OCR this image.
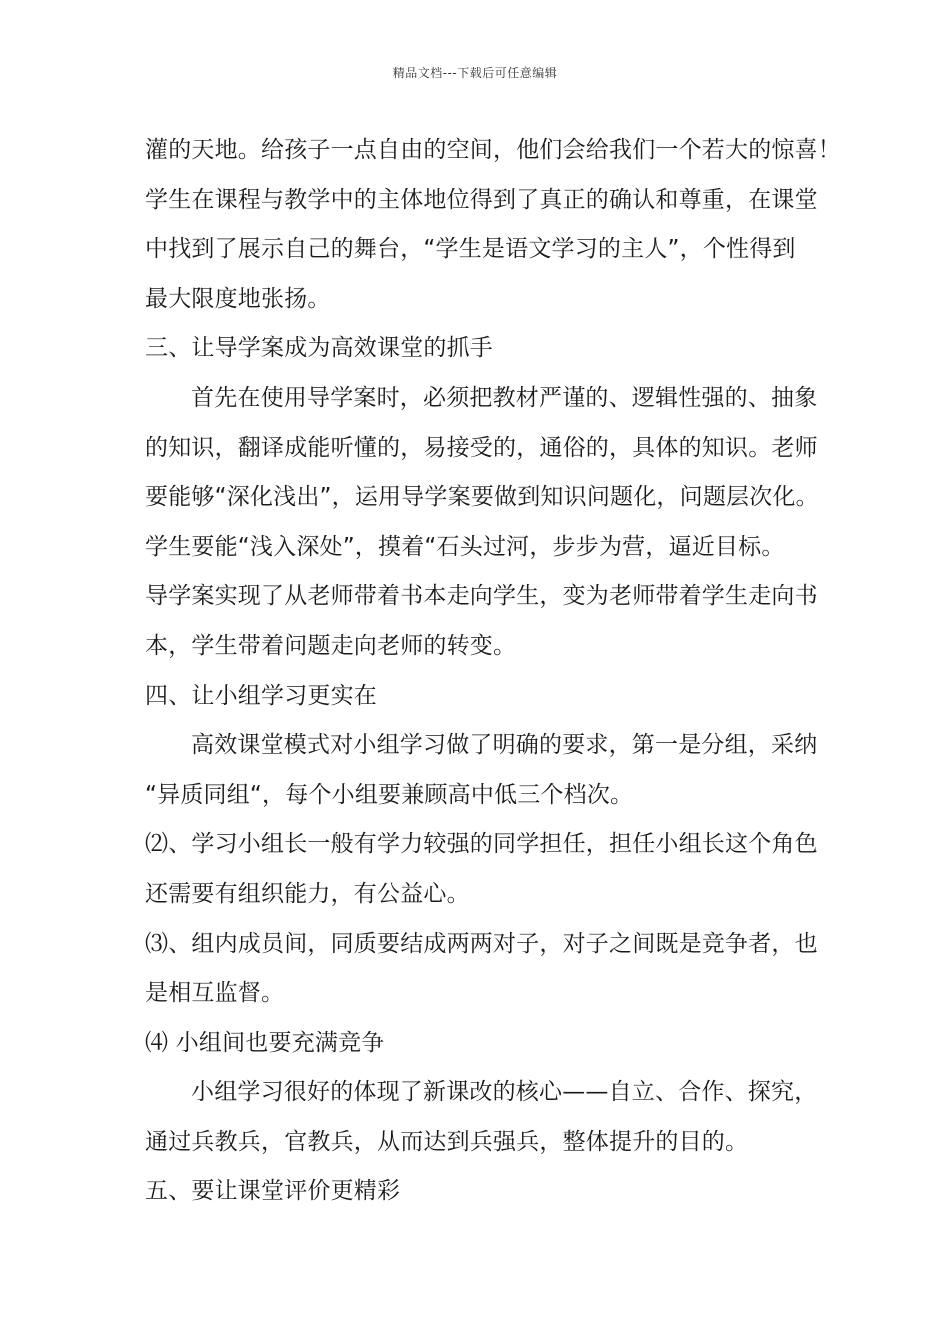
精品文档---下载后可任意编辑
灌的天地。给孩子一点自由的空间，他们会给我们一个若大的惊喜！
学生在课程与教学中的主体地位得到了真正的确认和尊重，在课堂
中找到了展示自己的舞台，“学生是语文学习的主人”，个性得到
最大限度地张扬。
三、让导学案成为高效课堂的抓手
首先在使用导学案时，必须把教材严谨的、逻辑性强的、抽象
的知识，翻译成能听懂的，易接受的，通俗的，具体的知识。老师
要能够“深化浅出”，运用导学案要做到知识问题化，问题层次化。
学生要能“浅入深处”，摸着“石头过河，步步为营，逼近目标。
导学案实现了从老师带着书本走向学生，变为老师带着学生走向书
本，学生带着问题走向老师的转变。
四、让小组学习更实在
高效课堂模式对小组学习做了明确的要求，第一是分组，采纳
“异质同组“，每个小组要兼顾高中低三个档次。
⑵、学习小组长一般有学力较强的同学担任，担任小组长这个角色
还需要有组织能力，有公益心。
⑶、组内成员间，同质要结成两两对子，对子之间既是竞争者，也
是相互监督。
⑷ 小组间也要充满竞争
小组学习很好的体现了新课改的核心——自立、合作、探究，
通过兵教兵，官教兵，从而达到兵强兵，整体提升的目的。
五、要让课堂评价更精彩
